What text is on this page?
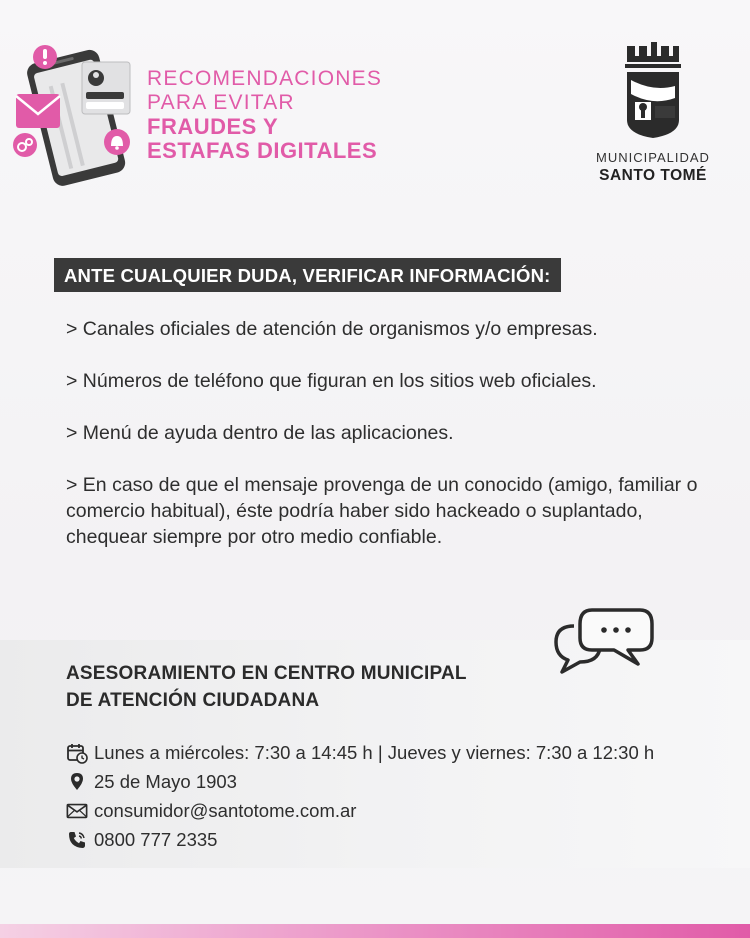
RECOMENDACIONES
PARA EVITAR
FRAUDES Y
ESTAFAS DIGITALES	MUNICIPALIDAD
SANTO TOMÉ
ANTE CUALQUIER DUDA, VERIFICAR INFORMACIÓN:

> Canales oficiales de atención de organismos y/o empresas.

> Números de teléfono que figuran en los sitios web oficiales.

> Menú de ayuda dentro de las aplicaciones.

> En caso de que el mensaje provenga de un conocido (amigo, familiar o comercio habitual), éste podría haber sido hackeado o suplantado, chequear siempre por otro medio confiable.

ASESORAMIENTO EN CENTRO MUNICIPAL
DE ATENCIÓN CIUDADANA
Lunes a miércoles: 7:30 a 14:45 h | Jueves y viernes: 7:30 a 12:30 h
25 de Mayo 1903
consumidor@santotome.com.ar
0800 777 2335
